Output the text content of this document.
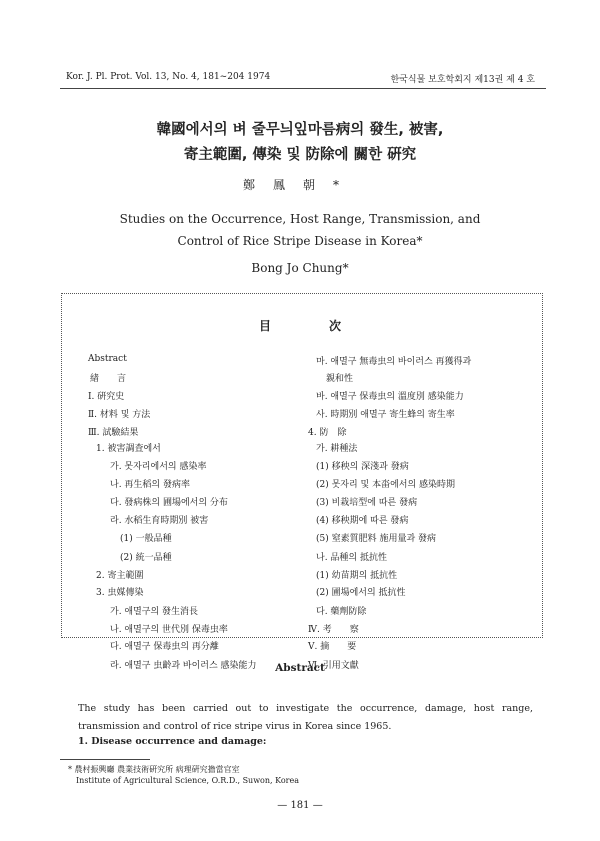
Kor. J. Pl. Prot. Vol. 13, No. 4, 181~204 1974	한국식물 보호학회지 제13권 제 4 호
韓國에서의 벼 줄무늬잎마름病의 發生, 被害,
寄主範圍, 傳染 및 防除에 關한 硏究
鄭鳳朝*
Studies on the Occurrence, Host Range, Transmission, and
Control of Rice Stripe Disease in Korea*
Bong Jo Chung*
目次
Abstract
緖　　言
Ⅰ. 硏究史
Ⅱ. 材料 및 方法
Ⅲ. 試驗結果
1. 被害調査에서
가. 못자리에서의 感染率
나. 再生稻의 發病率
다. 發病株의 圃場에서의 分布
라. 水稻生育時期別 被害
(1) 一般品種
(2) 統一品種
2. 寄主範圍
3. 虫媒傳染
가. 애멸구의 發生消長
나. 애멸구의 世代別 保毒虫率
다. 애멸구 保毒虫의 再分離
라. 애멸구 虫齡과 바이러스 感染能力
마. 애멸구 無毒虫의 바이러스 再獲得과
親和性
바. 애멸구 保毒虫의 溫度別 感染能力
사. 時期別 애멸구 寄生蜂의 寄生率
4. 防　除
가. 耕種法
(1) 移秧의 深淺과 發病
(2) 못자리 및 本畓에서의 感染時期
(3) 비栽培型에 따른 發病
(4) 移秧期에 따른 發病
(5) 窒素質肥料 施用量과 發病
나. 品種의 抵抗性
(1) 幼苗期의 抵抗性
(2) 圃場에서의 抵抗性
다. 藥劑防除
Ⅳ. 考　　察
Ⅴ. 摘　　要
Ⅵ. 引用文獻
Abstract
The study has been carried out to investigate the occurrence, damage, host range, transmission and control of rice stripe virus in Korea since 1965.
1. Disease occurrence and damage:
* 農村振興廳 農業技術硏究所 病理硏究擔當官室
Institute of Agricultural Science, O.R.D., Suwon, Korea
— 181 —
